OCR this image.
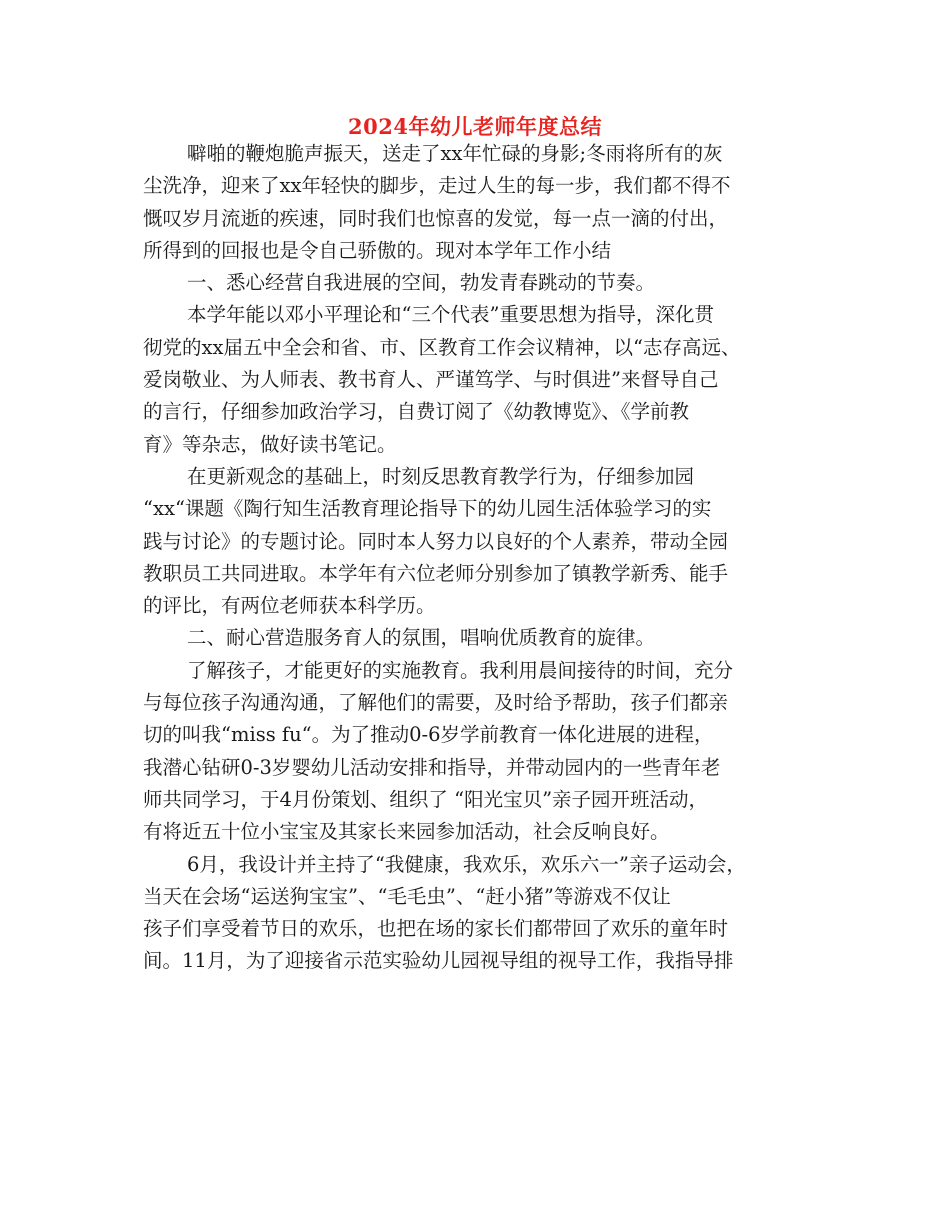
2024年幼儿老师年度总结
噼啪的鞭炮脆声振天，送走了xx年忙碌的身影;冬雨将所有的灰
尘洗净，迎来了xx年轻快的脚步，走过人生的每一步，我们都不得不
慨叹岁月流逝的疾速，同时我们也惊喜的发觉，每一点一滴的付出，
所得到的回报也是令自己骄傲的。现对本学年工作小结
一、悉心经营自我进展的空间，勃发青春跳动的节奏。
本学年能以邓小平理论和“三个代表”重要思想为指导，深化贯
彻党的xx届五中全会和省、市、区教育工作会议精神，以“志存高远、
爱岗敬业、为人师表、教书育人、严谨笃学、与时俱进”来督导自己
的言行，仔细参加政治学习，自费订阅了《幼教博览》、《学前教
育》等杂志，做好读书笔记。
在更新观念的基础上，时刻反思教育教学行为，仔细参加园
“xx“课题《陶行知生活教育理论指导下的幼儿园生活体验学习的实
践与讨论》的专题讨论。同时本人努力以良好的个人素养，带动全园
教职员工共同进取。本学年有六位老师分别参加了镇教学新秀、能手
的评比，有两位老师获本科学历。
二、耐心营造服务育人的氛围，唱响优质教育的旋律。
了解孩子，才能更好的实施教育。我利用晨间接待的时间，充分
与每位孩子沟通沟通，了解他们的需要，及时给予帮助，孩子们都亲
切的叫我“miss fu“。为了推动0-6岁学前教育一体化进展的进程，
我潜心钻研0-3岁婴幼儿活动安排和指导，并带动园内的一些青年老
师共同学习，于4月份策划、组织了 “阳光宝贝”亲子园开班活动，
有将近五十位小宝宝及其家长来园参加活动，社会反响良好。
6月，我设计并主持了“我健康，我欢乐，欢乐六一”亲子运动会，
当天在会场“运送狗宝宝”、“毛毛虫”、“赶小猪”等游戏不仅让
孩子们享受着节日的欢乐，也把在场的家长们都带回了欢乐的童年时
间。11月，为了迎接省示范实验幼儿园视导组的视导工作，我指导排
